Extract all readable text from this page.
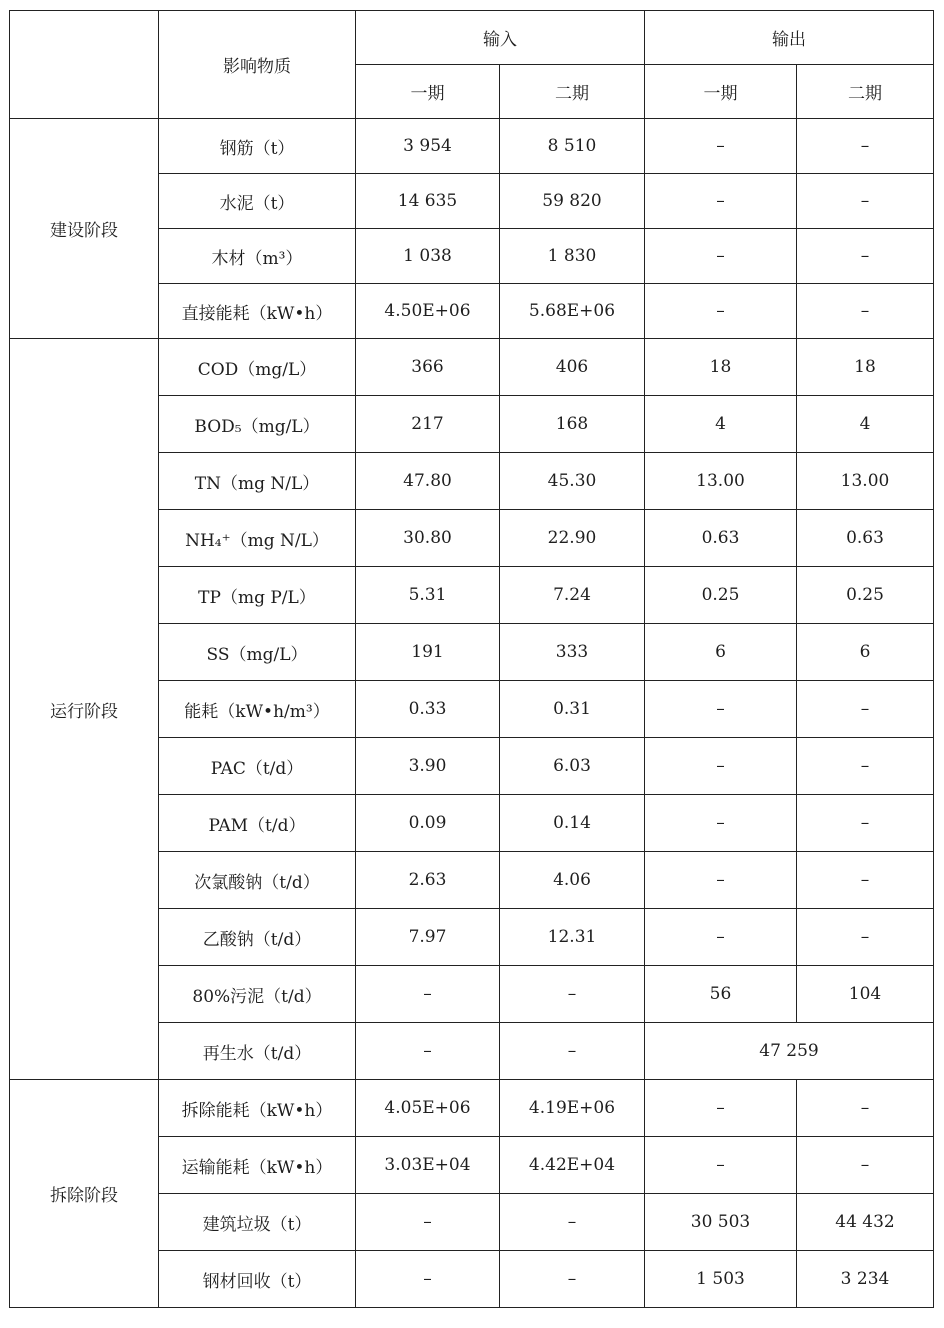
	影响物质	输入		输出	
		一期	二期	一期	二期
建设阶段	钢筋（t）	3 954	8 510	–	–
	水泥（t）	14 635	59 820	–	–
	木材（m³）	1 038	1 830	–	–
	直接能耗（kW•h）	4.50E+06	5.68E+06	–	–
运行阶段	COD（mg/L）	366	406	18	18
	BOD₅（mg/L）	217	168	4	4
	TN（mg N/L）	47.80	45.30	13.00	13.00
	NH₄⁺（mg N/L）	30.80	22.90	0.63	0.63
	TP（mg P/L）	5.31	7.24	0.25	0.25
	SS（mg/L）	191	333	6	6
	能耗（kW•h/m³）	0.33	0.31	–	–
	PAC（t/d）	3.90	6.03	–	–
	PAM（t/d）	0.09	0.14	–	–
	次氯酸钠（t/d）	2.63	4.06	–	–
	乙酸钠（t/d）	7.97	12.31	–	–
	80%污泥（t/d）	–	–	56	104
	再生水（t/d）	–	–	47 259	
拆除阶段	拆除能耗（kW•h）	4.05E+06	4.19E+06	–	–
	运输能耗（kW•h）	3.03E+04	4.42E+04	–	–
	建筑垃圾（t）	–	–	30 503	44 432
	钢材回收（t）	–	–	1 503	3 234
